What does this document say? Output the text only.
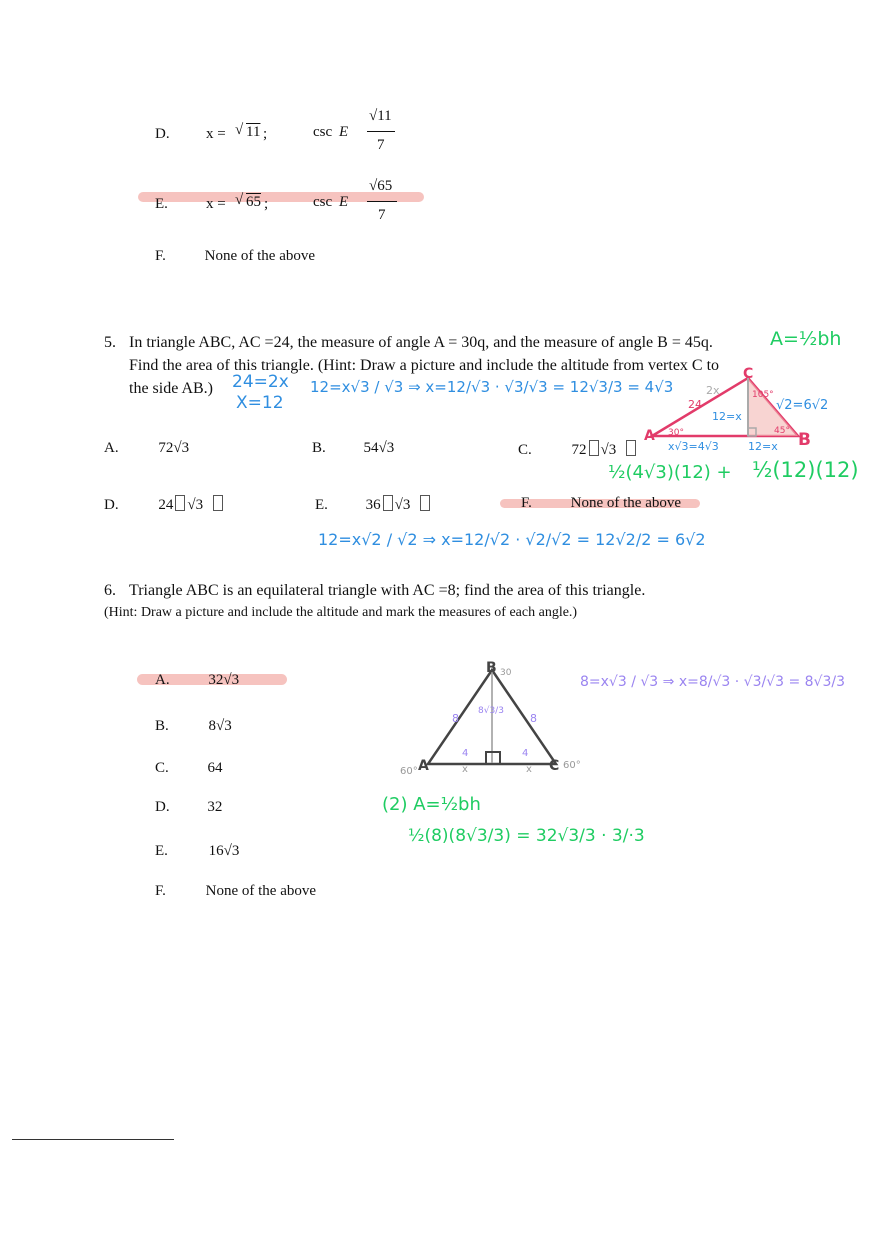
D. x = √ 11 ;	csc E
√11
7
E.	x = √ 65 ;	csc E
√65
7
F.	None of the above
5. In triangle ABC, AC =24, the measure of angle A = 30q, and the measure of angle B = 45q.
Find the area of this triangle. (Hint: Draw a picture and include the altitude from vertex C to
the side AB.)
A.	72√3	B.	54√3	C.	72 √3
D.	24 √3	E.	36 √3	F.	None of the above
A=½bh
24=2x
X=12
12=x√3 / √3 ⇒ x=12/√3 · √3/√3 = 12√3/3 = 4√3
12=x√2 / √2 ⇒ x=12/√2 · √2/√2 = 12√2/2 = 6√2
½(4√3)(12) + ½(12)(12)
√2=6√2
C
A	B
24
2x
12=x
30°	45°
105°
x√3=4√3	12=x
6. Triangle ABC is an equilateral triangle with AC =8; find the area of this triangle.
(Hint: Draw a picture and include the altitude and mark the measures of each angle.)
A.	32√3
B.	8√3
C.	64
D.	32
E.	16√3
F.	None of the above
8=x√3 / √3 ⇒ x=8/√3 · √3/√3 = 8√3/3
(2) A=½bh
½(8)(8√3/3) = 32√3/3 · 3/·3
B
A	C
60°
60°
30
8	8
8√3/3
4	4
x	x
